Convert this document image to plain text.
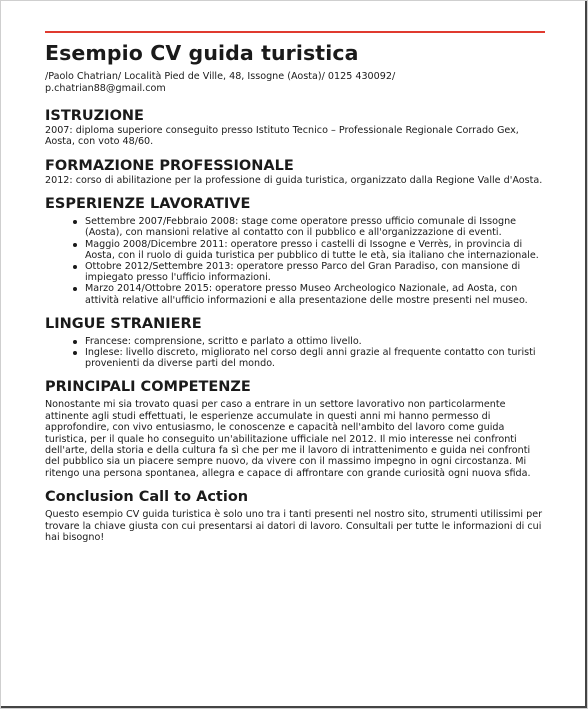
Esempio CV guida turistica
/Paolo Chatrian/ Località Pied de Ville, 48, Issogne (Aosta)/ 0125 430092/
p.chatrian88@gmail.com
ISTRUZIONE

2007: diploma superiore conseguito presso Istituto Tecnico – Professionale Regionale Corrado Gex, Aosta, con voto 48/60.

FORMAZIONE PROFESSIONALE

2012: corso di abilitazione per la professione di guida turistica, organizzato dalla Regione Valle d'Aosta.

ESPERIENZE LAVORATIVE
Settembre 2007/Febbraio 2008: stage come operatore presso ufficio comunale di Issogne (Aosta), con mansioni relative al contatto con il pubblico e all'organizzazione di eventi.
Maggio 2008/Dicembre 2011: operatore presso i castelli di Issogne e Verrès, in provincia di Aosta, con il ruolo di guida turistica per pubblico di tutte le età, sia italiano che internazionale.
Ottobre 2012/Settembre 2013: operatore presso Parco del Gran Paradiso, con mansione di impiegato presso l'ufficio informazioni.
Marzo 2014/Ottobre 2015: operatore presso Museo Archeologico Nazionale, ad Aosta, con attività relative all'ufficio informazioni e alla presentazione delle mostre presenti nel museo.
LINGUE STRANIERE
Francese: comprensione, scritto e parlato a ottimo livello.
Inglese: livello discreto, migliorato nel corso degli anni grazie al frequente contatto con turisti provenienti da diverse parti del mondo.
PRINCIPALI COMPETENZE

Nonostante mi sia trovato quasi per caso a entrare in un settore lavorativo non particolarmente attinente agli studi effettuati, le esperienze accumulate in questi anni mi hanno permesso di approfondire, con vivo entusiasmo, le conoscenze e capacità nell'ambito del lavoro come guida turistica, per il quale ho conseguito un'abilitazione ufficiale nel 2012. Il mio interesse nei confronti dell'arte, della storia e della cultura fa sì che per me il lavoro di intrattenimento e guida nei confronti del pubblico sia un piacere sempre nuovo, da vivere con il massimo impegno in ogni circostanza. Mi ritengo una persona spontanea, allegra e capace di affrontare con grande curiosità ogni nuova sfida.

Conclusion Call to Action

Questo esempio CV guida turistica è solo uno tra i tanti presenti nel nostro sito, strumenti utilissimi per trovare la chiave giusta con cui presentarsi ai datori di lavoro. Consultali per tutte le informazioni di cui hai bisogno!
